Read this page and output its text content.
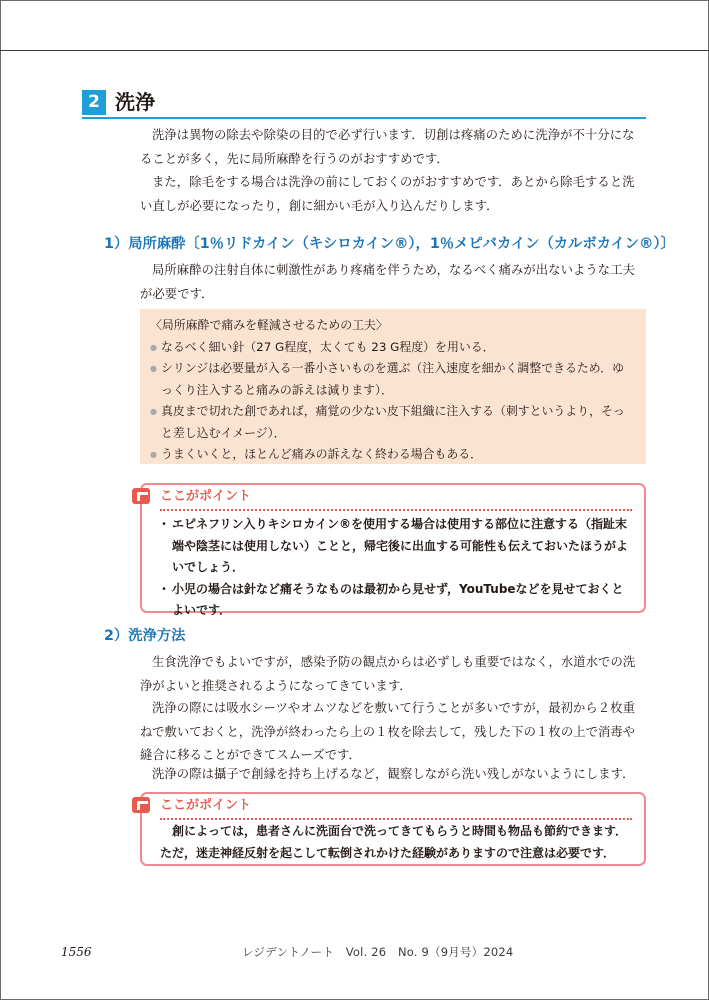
2 洗浄

洗浄は異物の除去や除染の目的で必ず行います．切創は疼痛のために洗浄が不十分になることが多く，先に局所麻酔を行うのがおすすめです．

また，除毛をする場合は洗浄の前にしておくのがおすすめです．あとから除毛すると洗い直しが必要になったり，創に細かい毛が入り込んだりします．

1）局所麻酔〔1％リドカイン（キシロカイン®），1％メピバカイン（カルボカイン®）〕

局所麻酔の注射自体に刺激性があり疼痛を伴うため，なるべく痛みが出ないような工夫が必要です．

〈局所麻酔で痛みを軽減させるための工夫〉
● なるべく細い針（27 G程度，太くても 23 G程度）を用いる．
● シリンジは必要量が入る一番小さいものを選ぶ（注入速度を細かく調整できるため．ゆっくり注入すると痛みの訴えは減ります）．
● 真皮まで切れた創であれば，痛覚の少ない皮下組織に注入する（刺すというより，そっと差し込むイメージ）．
● うまくいくと，ほとんど痛みの訴えなく終わる場合もある．
ここがポイント
・ エピネフリン入りキシロカイン®を使用する場合は使用する部位に注意する（指趾末端や陰茎には使用しない）ことと，帰宅後に出血する可能性も伝えておいたほうがよいでしょう．
・ 小児の場合は針など痛そうなものは最初から見せず，YouTubeなどを見せておくとよいです．
2）洗浄方法

生食洗浄でもよいですが，感染予防の観点からは必ずしも重要ではなく，水道水での洗浄がよいと推奨されるようになってきています．

洗浄の際には吸水シーツやオムツなどを敷いて行うことが多いですが，最初から２枚重ねで敷いておくと，洗浄が終わったら上の１枚を除去して，残した下の１枚の上で消毒や縫合に移ることができてスムーズです．

洗浄の際は攝子で創縁を持ち上げるなど，観察しながら洗い残しがないようにします．

ここがポイント

創によっては，患者さんに洗面台で洗ってきてもらうと時間も物品も節約できます．ただ，迷走神経反射を起こして転倒されかけた経験がありますので注意は必要です．

1556	レジデントノート　Vol. 26　No. 9（9月号）2024
